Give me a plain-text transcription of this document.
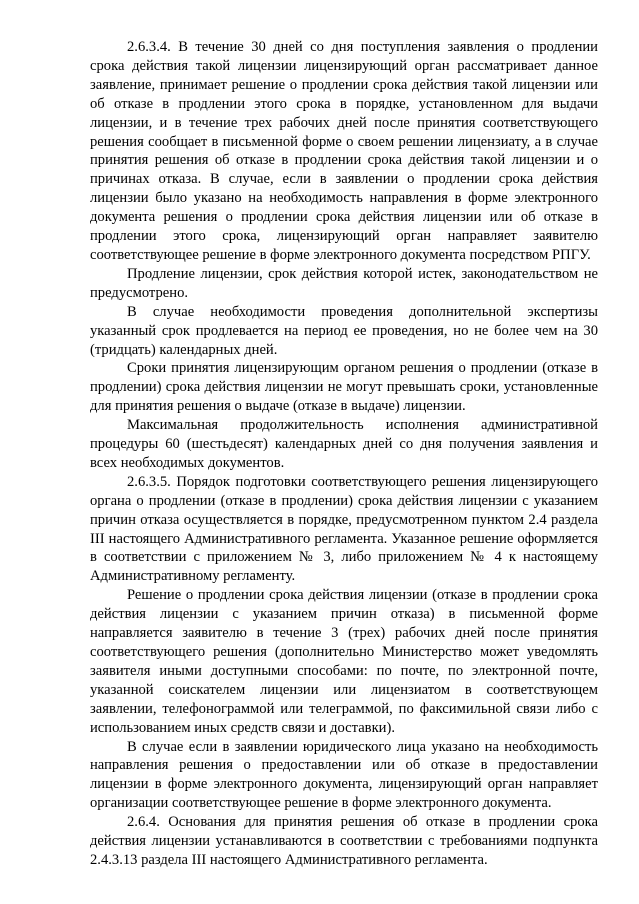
2.6.3.4. В течение 30 дней со дня поступления заявления о продлении срока действия такой лицензии лицензирующий орган рассматривает данное заявление, принимает решение о продлении срока действия такой лицензии или об отказе в продлении этого срока в порядке, установленном для выдачи лицензии, и в течение трех рабочих дней после принятия соответствующего решения сообщает в письменной форме о своем решении лицензиату, а в случае принятия решения об отказе в продлении срока действия такой лицензии и о причинах отказа. В случае, если в заявлении о продлении срока действия лицензии было указано на необходимость направления в форме электронного документа решения о продлении срока действия лицензии или об отказе в продлении этого срока, лицензирующий орган направляет заявителю соответствующее решение в форме электронного документа посредством РПГУ.

Продление лицензии, срок действия которой истек, законодательством не предусмотрено.

В случае необходимости проведения дополнительной экспертизы указанный срок продлевается на период ее проведения, но не более чем на 30 (тридцать) календарных дней.

Сроки принятия лицензирующим органом решения о продлении (отказе в продлении) срока действия лицензии не могут превышать сроки, установленные для принятия решения о выдаче (отказе в выдаче) лицензии.

Максимальная продолжительность исполнения административной процедуры 60 (шестьдесят) календарных дней со дня получения заявления и всех необходимых документов.

2.6.3.5. Порядок подготовки соответствующего решения лицензирующего органа о продлении (отказе в продлении) срока действия лицензии с указанием причин отказа осуществляется в порядке, предусмотренном пунктом 2.4 раздела III настоящего Административного регламента. Указанное решение оформляется в соответствии с приложением № 3, либо приложением № 4 к настоящему Административному регламенту.

Решение о продлении срока действия лицензии (отказе в продлении срока действия лицензии с указанием причин отказа) в письменной форме направляется заявителю в течение 3 (трех) рабочих дней после принятия соответствующего решения (дополнительно Министерство может уведомлять заявителя иными доступными способами: по почте, по электронной почте, указанной соискателем лицензии или лицензиатом в соответствующем заявлении, телефонограммой или телеграммой, по факсимильной связи либо с использованием иных средств связи и доставки).

В случае если в заявлении юридического лица указано на необходимость направления решения о предоставлении или об отказе в предоставлении лицензии в форме электронного документа, лицензирующий орган направляет организации соответствующее решение в форме электронного документа.

2.6.4. Основания для принятия решения об отказе в продлении срока действия лицензии устанавливаются в соответствии с требованиями подпункта 2.4.3.13 раздела III настоящего Административного регламента.
